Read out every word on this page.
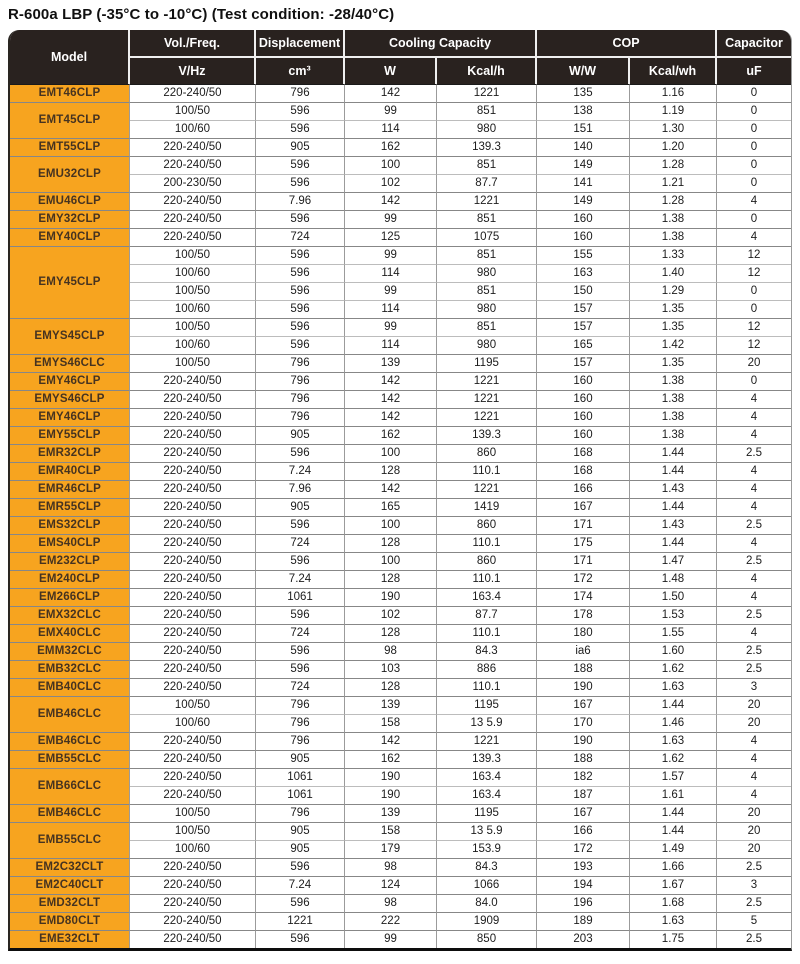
R-600a LBP (-35°C to -10°C) (Test condition: -28/40°C)
Model	Vol./Freq.	Displacement	Cooling Capacity		COP		Capacitor
	V/Hz	cm³	W	Kcal/h	W/W	Kcal/wh	uF
EMT46CLP	220-240/50	796	142	1221	135	1.16	0
EMT45CLP	100/50	596	99	851	138	1.19	0
	100/60	596	114	980	151	1.30	0
EMT55CLP	220-240/50	905	162	139.3	140	1.20	0
EMU32CLP	220-240/50	596	100	851	149	1.28	0
	200-230/50	596	102	87.7	141	1.21	0
EMU46CLP	220-240/50	7.96	142	1221	149	1.28	4
EMY32CLP	220-240/50	596	99	851	160	1.38	0
EMY40CLP	220-240/50	724	125	1075	160	1.38	4
EMY45CLP	100/50	596	99	851	155	1.33	12
	100/60	596	114	980	163	1.40	12
	100/50	596	99	851	150	1.29	0
	100/60	596	114	980	157	1.35	0
EMYS45CLP	100/50	596	99	851	157	1.35	12
	100/60	596	114	980	165	1.42	12
EMYS46CLC	100/50	796	139	1195	157	1.35	20
EMY46CLP	220-240/50	796	142	1221	160	1.38	0
EMYS46CLP	220-240/50	796	142	1221	160	1.38	4
EMY46CLP	220-240/50	796	142	1221	160	1.38	4
EMY55CLP	220-240/50	905	162	139.3	160	1.38	4
EMR32CLP	220-240/50	596	100	860	168	1.44	2.5
EMR40CLP	220-240/50	7.24	128	110.1	168	1.44	4
EMR46CLP	220-240/50	7.96	142	1221	166	1.43	4
EMR55CLP	220-240/50	905	165	1419	167	1.44	4
EMS32CLP	220-240/50	596	100	860	171	1.43	2.5
EMS40CLP	220-240/50	724	128	110.1	175	1.44	4
EM232CLP	220-240/50	596	100	860	171	1.47	2.5
EM240CLP	220-240/50	7.24	128	110.1	172	1.48	4
EM266CLP	220-240/50	1061	190	163.4	174	1.50	4
EMX32CLC	220-240/50	596	102	87.7	178	1.53	2.5
EMX40CLC	220-240/50	724	128	110.1	180	1.55	4
EMM32CLC	220-240/50	596	98	84.3	ia6	1.60	2.5
EMB32CLC	220-240/50	596	103	886	188	1.62	2.5
EMB40CLC	220-240/50	724	128	110.1	190	1.63	3
EMB46CLC	100/50	796	139	1195	167	1.44	20
	100/60	796	158	13 5.9	170	1.46	20
EMB46CLC	220-240/50	796	142	1221	190	1.63	4
EMB55CLC	220-240/50	905	162	139.3	188	1.62	4
EMB66CLC	220-240/50	1061	190	163.4	182	1.57	4
	220-240/50	1061	190	163.4	187	1.61	4
EMB46CLC	100/50	796	139	1195	167	1.44	20
EMB55CLC	100/50	905	158	13 5.9	166	1.44	20
	100/60	905	179	153.9	172	1.49	20
EM2C32CLT	220-240/50	596	98	84.3	193	1.66	2.5
EM2C40CLT	220-240/50	7.24	124	1066	194	1.67	3
EMD32CLT	220-240/50	596	98	84.0	196	1.68	2.5
EMD80CLT	220-240/50	1221	222	1909	189	1.63	5
EME32CLT	220-240/50	596	99	850	203	1.75	2.5
